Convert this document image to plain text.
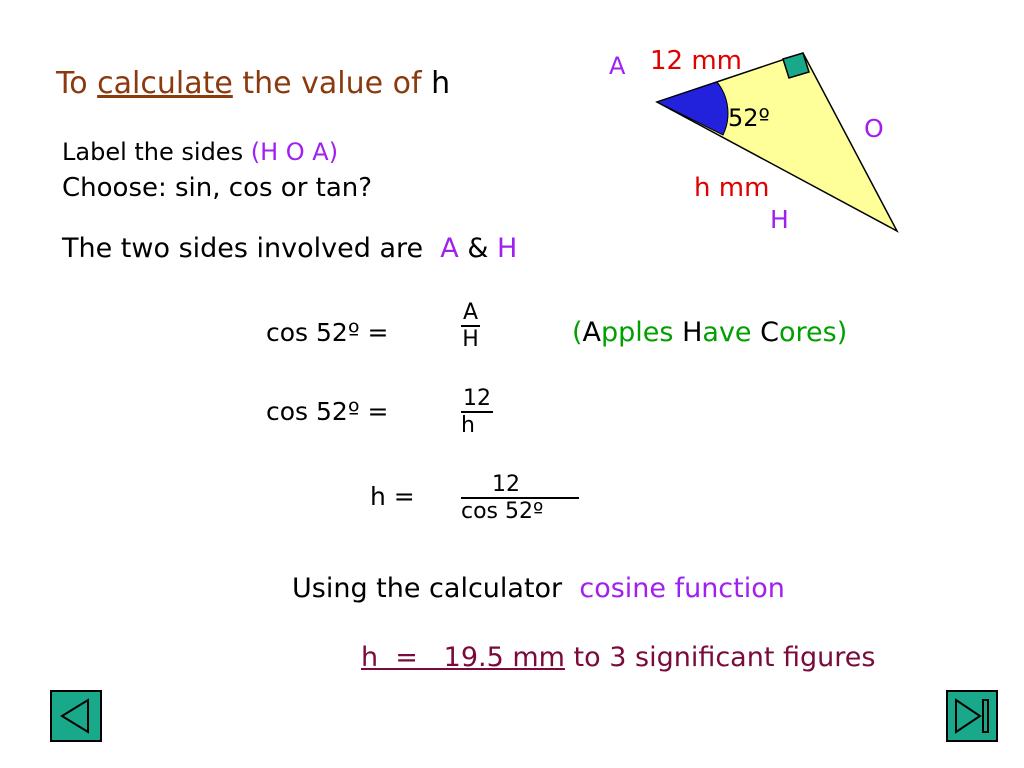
To calculate the value of h
Label the sides (H O A)
Choose: sin, cos or tan?
The two sides involved are A & H
A 12 mm
52º	O
h mm
H
cos 52º =	$\frac{A}{H}$	(Apples Have Cores)
cos 52º =	$\frac{12}{h}$
$h = \frac{12}{\text{cos 52º}}$
Using the calculator cosine function
h  =   19.5 mm to 3 significant figures
